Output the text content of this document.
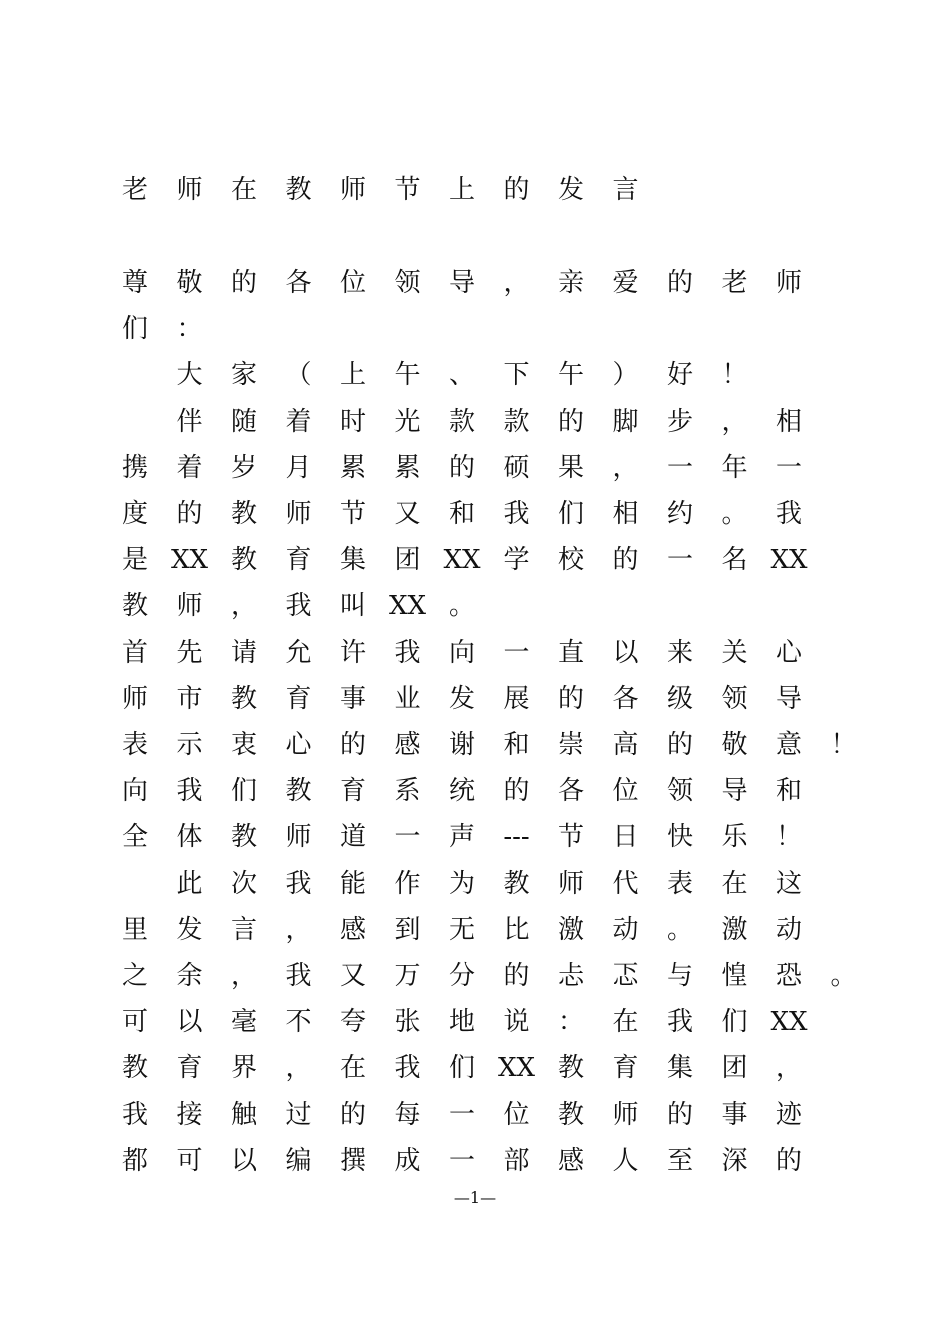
老	师	在	教	师	节	上	的	发	言
尊	敬	的	各	位	领	导	，	亲	爱	的	老	师
们	：
大	家	（	上	午	、	下	午	）	好	！
伴	随	着	时	光	款	款	的	脚	步	，	相
携	着	岁	月	累	累	的	硕	果	，	一	年	一
度	的	教	师	节	又	和	我	们	相	约	。	我
是 XX 教	育	集	团 XX 学	校	的	一	名 XX
教	师	，	我	叫 XX 。
首	先	请	允	许	我	向	一	直	以	来	关	心
师	市	教	育	事	业	发	展	的	各	级	领	导
表	示	衷	心	的	感	谢	和	崇	高	的	敬	意	！
向	我	们	教	育	系	统	的	各	位	领	导	和
全	体	教	师	道	一	声	---	节	日	快	乐	！
此	次	我	能	作	为	教	师	代	表	在	这
里	发	言	，	感	到	无	比	激	动	。	激	动
之	余	，	我	又	万	分	的	忐	忑	与	惶	恐	。
可	以	毫	不	夸	张	地	说	：	在	我	们 XX
教	育	界	，	在	我	们 XX 教	育	集	团	，
我	接	触	过	的	每	一	位	教	师	的	事	迹
都	可	以	编	撰	成	一	部	感	人	至	深	的
—1—
